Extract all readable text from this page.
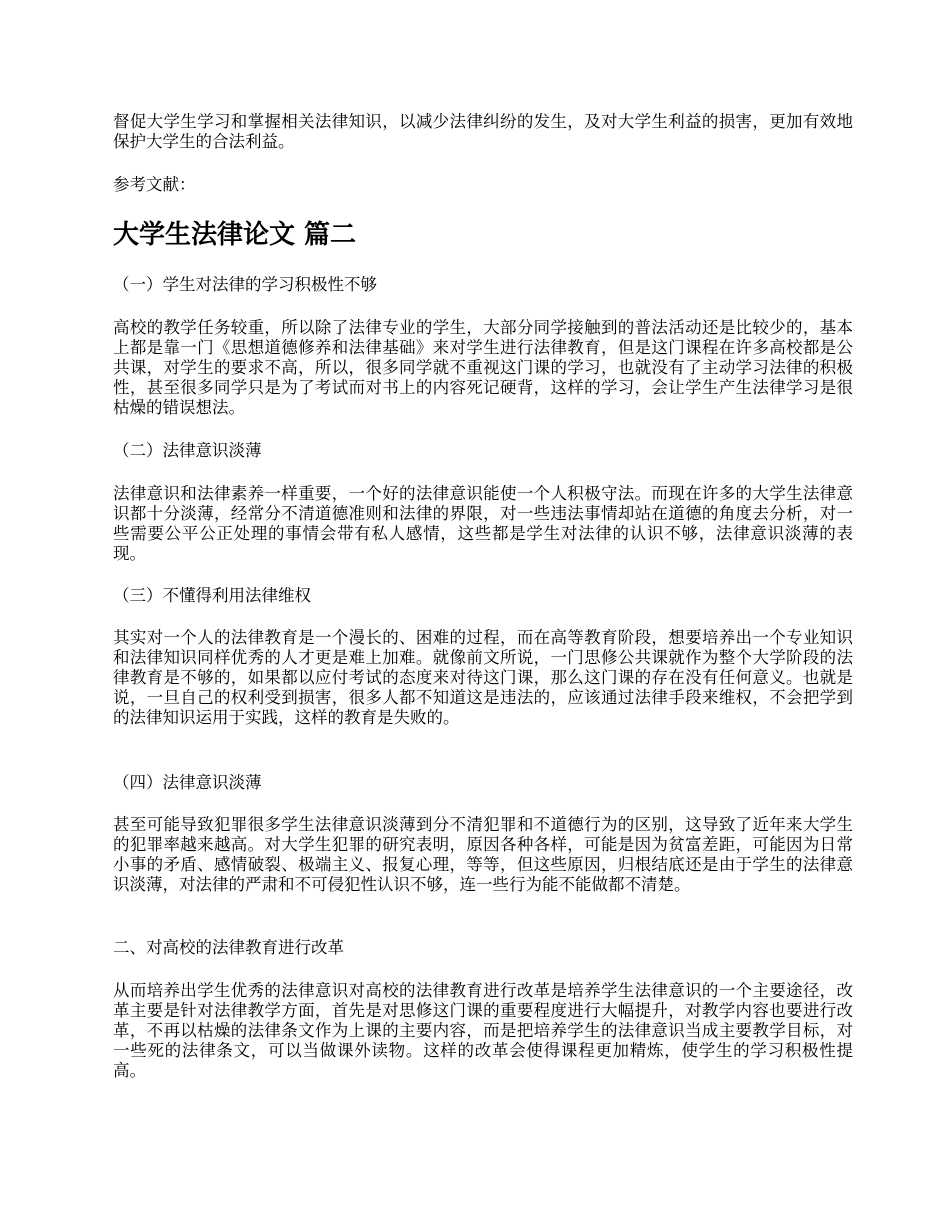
督促大学生学习和掌握相关法律知识，以减少法律纠纷的发生，及对大学生利益的损害，更加有效地保护大学生的合法利益。

参考文献：

大学生法律论文 篇二

（一）学生对法律的学习积极性不够

高校的教学任务较重，所以除了法律专业的学生，大部分同学接触到的普法活动还是比较少的，基本上都是靠一门《思想道德修养和法律基础》来对学生进行法律教育，但是这门课程在许多高校都是公共课，对学生的要求不高，所以，很多同学就不重视这门课的学习，也就没有了主动学习法律的积极性，甚至很多同学只是为了考试而对书上的内容死记硬背，这样的学习，会让学生产生法律学习是很枯燥的错误想法。

（二）法律意识淡薄

法律意识和法律素养一样重要，一个好的法律意识能使一个人积极守法。而现在许多的大学生法律意识都十分淡薄，经常分不清道德准则和法律的界限，对一些违法事情却站在道德的角度去分析，对一些需要公平公正处理的事情会带有私人感情，这些都是学生对法律的认识不够，法律意识淡薄的表现。

（三）不懂得利用法律维权

其实对一个人的法律教育是一个漫长的、困难的过程，而在高等教育阶段，想要培养出一个专业知识和法律知识同样优秀的人才更是难上加难。就像前文所说，一门思修公共课就作为整个大学阶段的法律教育是不够的，如果都以应付考试的态度来对待这门课，那么这门课的存在没有任何意义。也就是说，一旦自己的权利受到损害，很多人都不知道这是违法的，应该通过法律手段来维权，不会把学到的法律知识运用于实践，这样的教育是失败的。

（四）法律意识淡薄

甚至可能导致犯罪很多学生法律意识淡薄到分不清犯罪和不道德行为的区别，这导致了近年来大学生的犯罪率越来越高。对大学生犯罪的研究表明，原因各种各样，可能是因为贫富差距，可能因为日常小事的矛盾、感情破裂、极端主义、报复心理，等等，但这些原因，归根结底还是由于学生的法律意识淡薄，对法律的严肃和不可侵犯性认识不够，连一些行为能不能做都不清楚。

二、对高校的法律教育进行改革

从而培养出学生优秀的法律意识对高校的法律教育进行改革是培养学生法律意识的一个主要途径，改革主要是针对法律教学方面，首先是对思修这门课的重要程度进行大幅提升，对教学内容也要进行改革，不再以枯燥的法律条文作为上课的主要内容，而是把培养学生的法律意识当成主要教学目标，对一些死的法律条文，可以当做课外读物。这样的改革会使得课程更加精炼，使学生的学习积极性提高。
